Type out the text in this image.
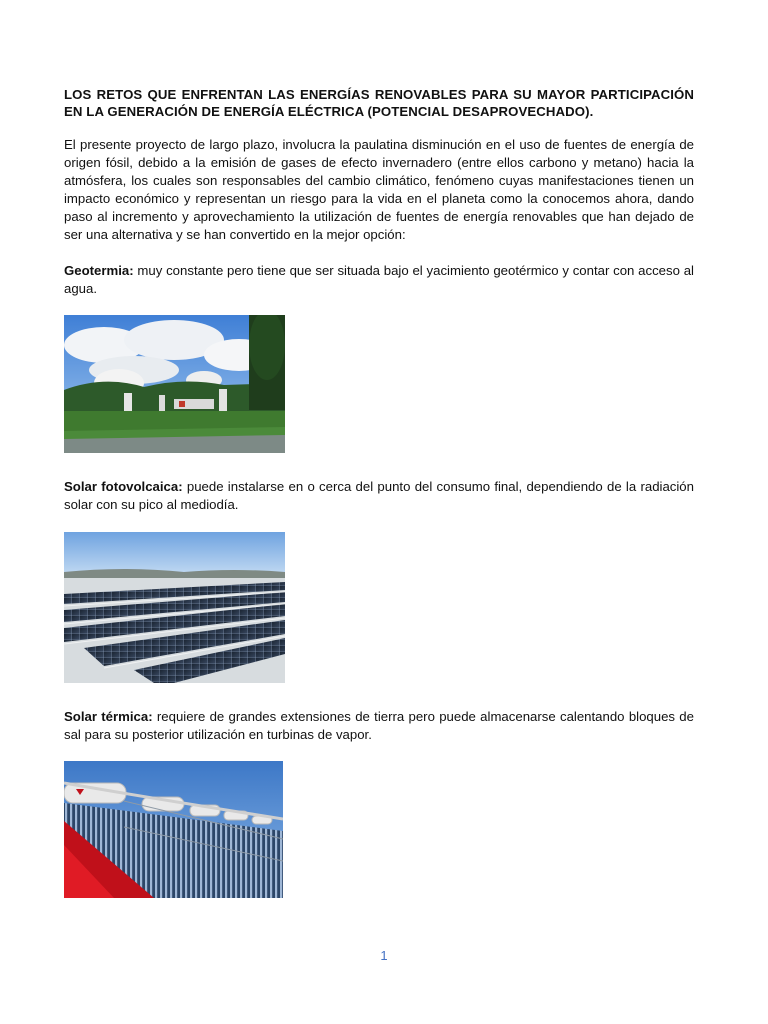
LOS RETOS QUE ENFRENTAN LAS ENERGÍAS RENOVABLES PARA SU MAYOR PARTICIPACIÓN EN LA GENERACIÓN DE ENERGÍA ELÉCTRICA (POTENCIAL DESAPROVECHADO).

El presente proyecto de largo plazo, involucra la paulatina disminución en el uso de fuentes de energía de origen fósil, debido a la emisión de gases de efecto invernadero (entre ellos carbono y metano) hacia la atmósfera, los cuales son responsables del cambio climático, fenómeno cuyas manifestaciones tienen un impacto económico y representan un riesgo para la vida en el planeta como la conocemos ahora, dando paso al incremento y aprovechamiento la utilización de fuentes de energía renovables que han dejado de ser una alternativa y se han convertido en la mejor opción:

Geotermia: muy constante pero tiene que ser situada bajo el yacimiento geotérmico y contar con acceso al agua.

Solar fotovolcaica: puede instalarse en o cerca del punto del consumo final, dependiendo de la radiación solar con su pico al mediodía.

Solar térmica: requiere de grandes extensiones de tierra pero puede almacenarse calentando bloques de sal para su posterior utilización en turbinas de vapor.

1
